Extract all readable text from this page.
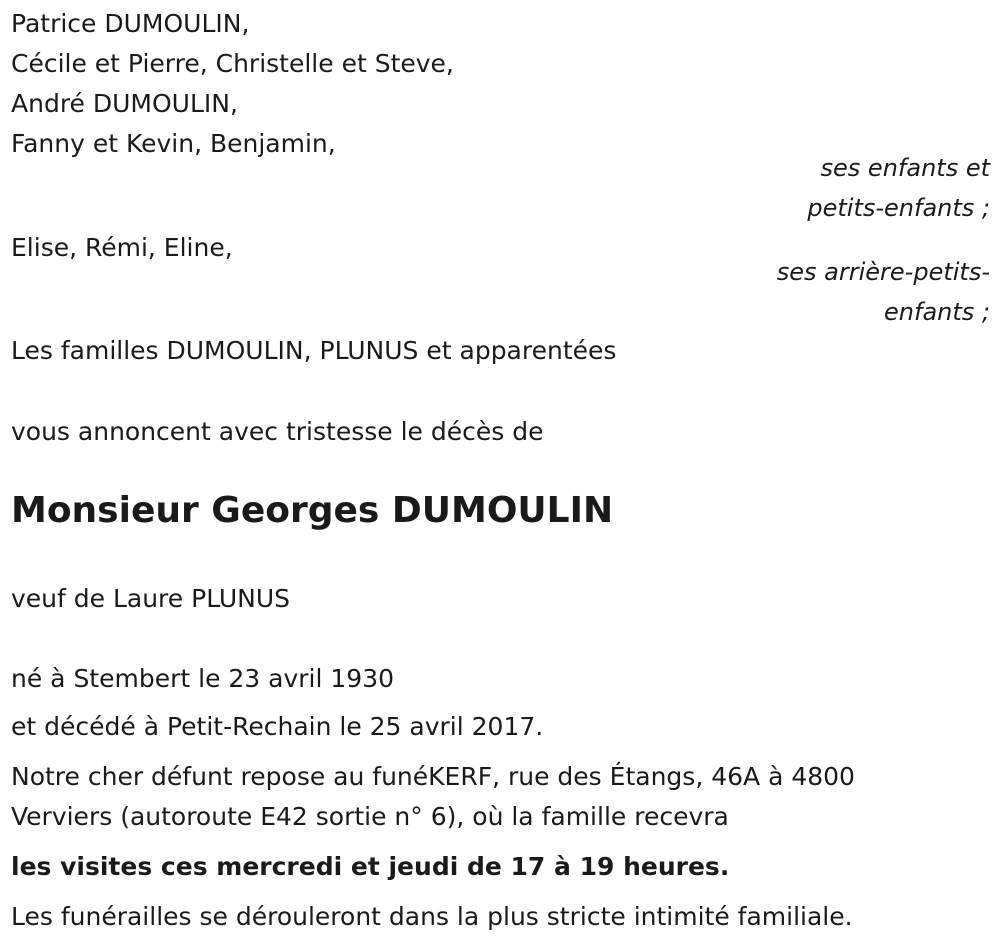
Patrice DUMOULIN,
Cécile et Pierre, Christelle et Steve,
André DUMOULIN,
Fanny et Kevin, Benjamin,
ses enfants et
petits-enfants ;
Elise, Rémi, Eline,
ses arrière-petits-
enfants ;
Les familles DUMOULIN, PLUNUS et apparentées
vous annoncent avec tristesse le décès de
Monsieur Georges DUMOULIN
veuf de Laure PLUNUS
né à Stembert le 23 avril 1930
et décédé à Petit-Rechain le 25 avril 2017.
Notre cher défunt repose au funéKERF, rue des Étangs, 46A à 4800
Verviers (autoroute E42 sortie n° 6), où la famille recevra
les visites ces mercredi et jeudi de 17 à 19 heures.
Les funérailles se dérouleront dans la plus stricte intimité familiale.
